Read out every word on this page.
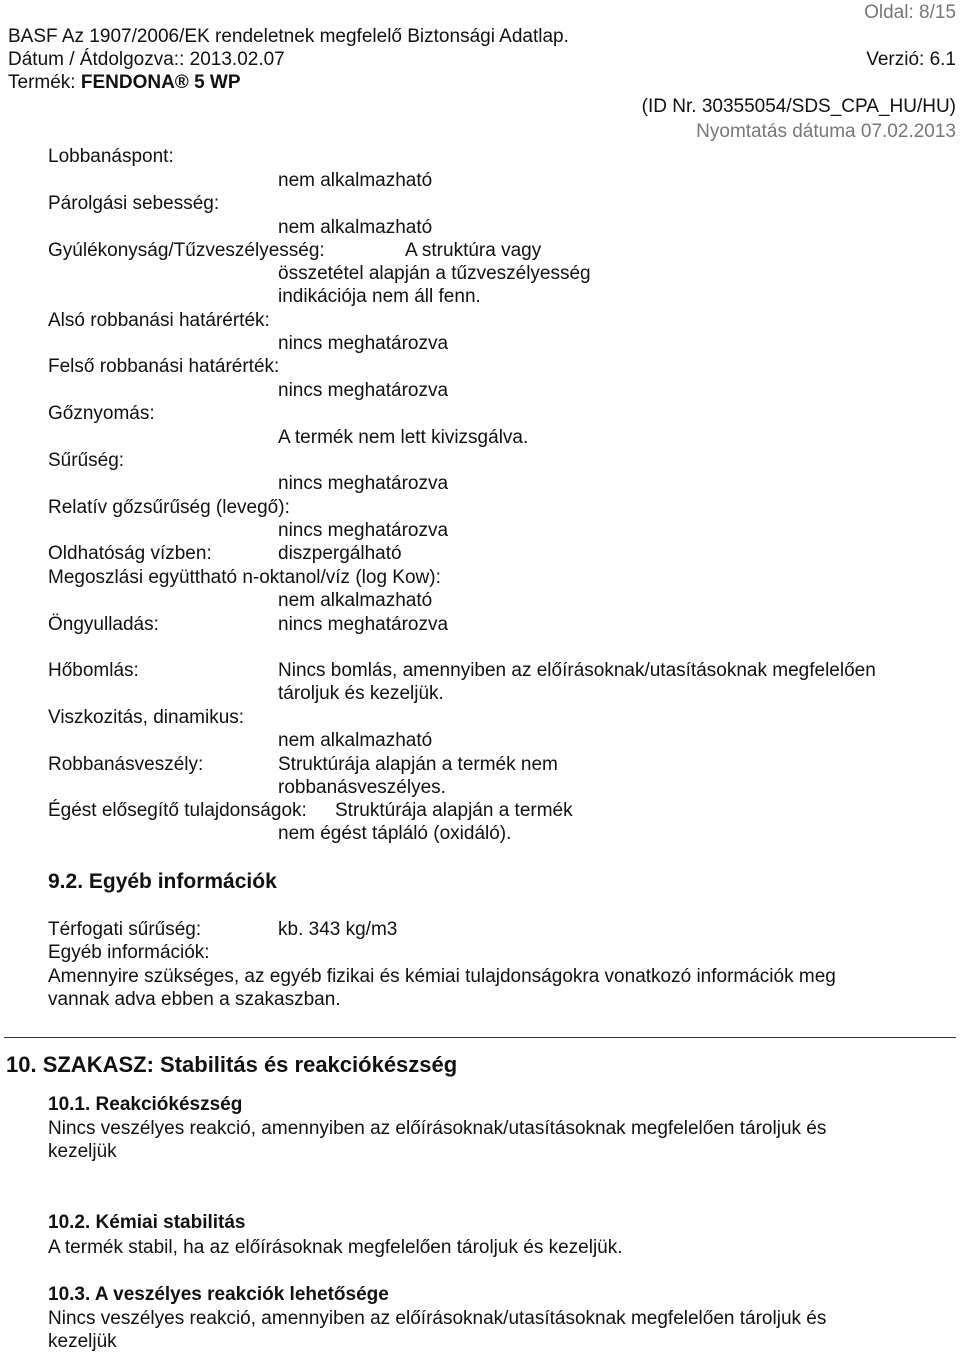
BASF Az 1907/2006/EK rendeletnek megfelelő Biztonsági Adatlap.
Oldal: 8/15
Dátum / Átdolgozva:: 2013.02.07	Verzió: 6.1
Termék: FENDONA® 5 WP
(ID Nr. 30355054/SDS_CPA_HU/HU)
Nyomtatás dátuma 07.02.2013
Lobbanáspont:
nem alkalmazható
Párolgási sebesség:
nem alkalmazható
Gyúlékonyság/Tűzveszélyesség:	A struktúra vagy
összetétel alapján a tűzveszélyesség
indikációja nem áll fenn.
Alsó robbanási határérték:
nincs meghatározva
Felső robbanási határérték:
nincs meghatározva
Gőznyomás:
A termék nem lett kivizsgálva.
Sűrűség:
nincs meghatározva
Relatív gőzsűrűség (levegő):
nincs meghatározva
Oldhatóság vízben:	diszpergálható
Megoszlási együttható n-oktanol/víz (log Kow):
nem alkalmazható
Öngyulladás:	nincs meghatározva
Hőbomlás:	Nincs bomlás, amennyiben az előírásoknak/utasításoknak megfelelően
tároljuk és kezeljük.
Viszkozitás, dinamikus:
nem alkalmazható
Robbanásveszély:	Struktúrája alapján a termék nem
robbanásveszélyes.
Égést elősegítő tulajdonságok: Struktúrája alapján a termék
nem égést tápláló (oxidáló).
9.2. Egyéb információk
Térfogati sűrűség:	kb. 343 kg/m3
Egyéb információk:
Amennyire szükséges, az egyéb fizikai és kémiai tulajdonságokra vonatkozó információk meg
vannak adva ebben a szakaszban.
10. SZAKASZ: Stabilitás és reakciókészség
10.1. Reakciókészség
Nincs veszélyes reakció, amennyiben az előírásoknak/utasításoknak megfelelően tároljuk és
kezeljük
10.2. Kémiai stabilitás
A termék stabil, ha az előírásoknak megfelelően tároljuk és kezeljük.
10.3. A veszélyes reakciók lehetősége
Nincs veszélyes reakció, amennyiben az előírásoknak/utasításoknak megfelelően tároljuk és
kezeljük
